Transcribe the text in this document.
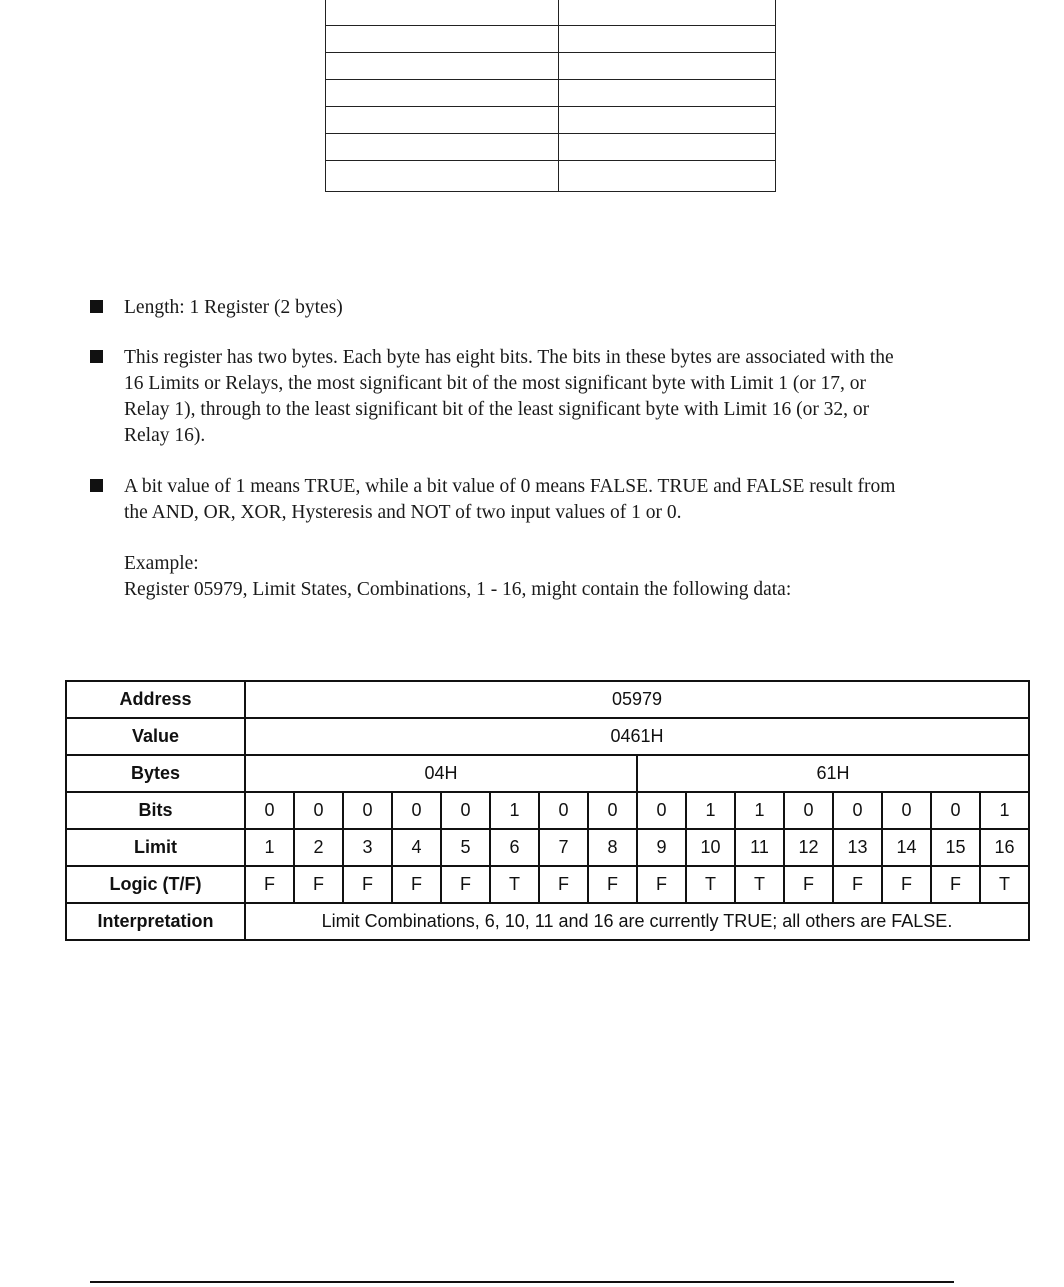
Length: 1 Register (2 bytes)
This register has two bytes. Each byte has eight bits. The bits in these bytes are associated with the
16 Limits or Relays, the most significant bit of the most significant byte with Limit 1 (or 17, or
Relay 1), through to the least significant bit of the least significant byte with Limit 16 (or 32, or
Relay 16).
A bit value of 1 means TRUE, while a bit value of 0 means FALSE. TRUE and FALSE result from
the AND, OR, XOR, Hysteresis and NOT of two input values of 1 or 0.
Example:
Register 05979, Limit States, Combinations, 1 - 16, might contain the following data:
Address	05979															
Value	0461H															
Bytes	04H								61H							
Bits	0	0	0	0	0	1	0	0	0	1	1	0	0	0	0	1
Limit	1	2	3	4	5	6	7	8	9	10	11	12	13	14	15	16
Logic (T/F)	F	F	F	F	F	T	F	F	F	T	T	F	F	F	F	T
Interpretation	Limit Combinations, 6, 10, 11 and 16 are currently TRUE; all others are FALSE.															
